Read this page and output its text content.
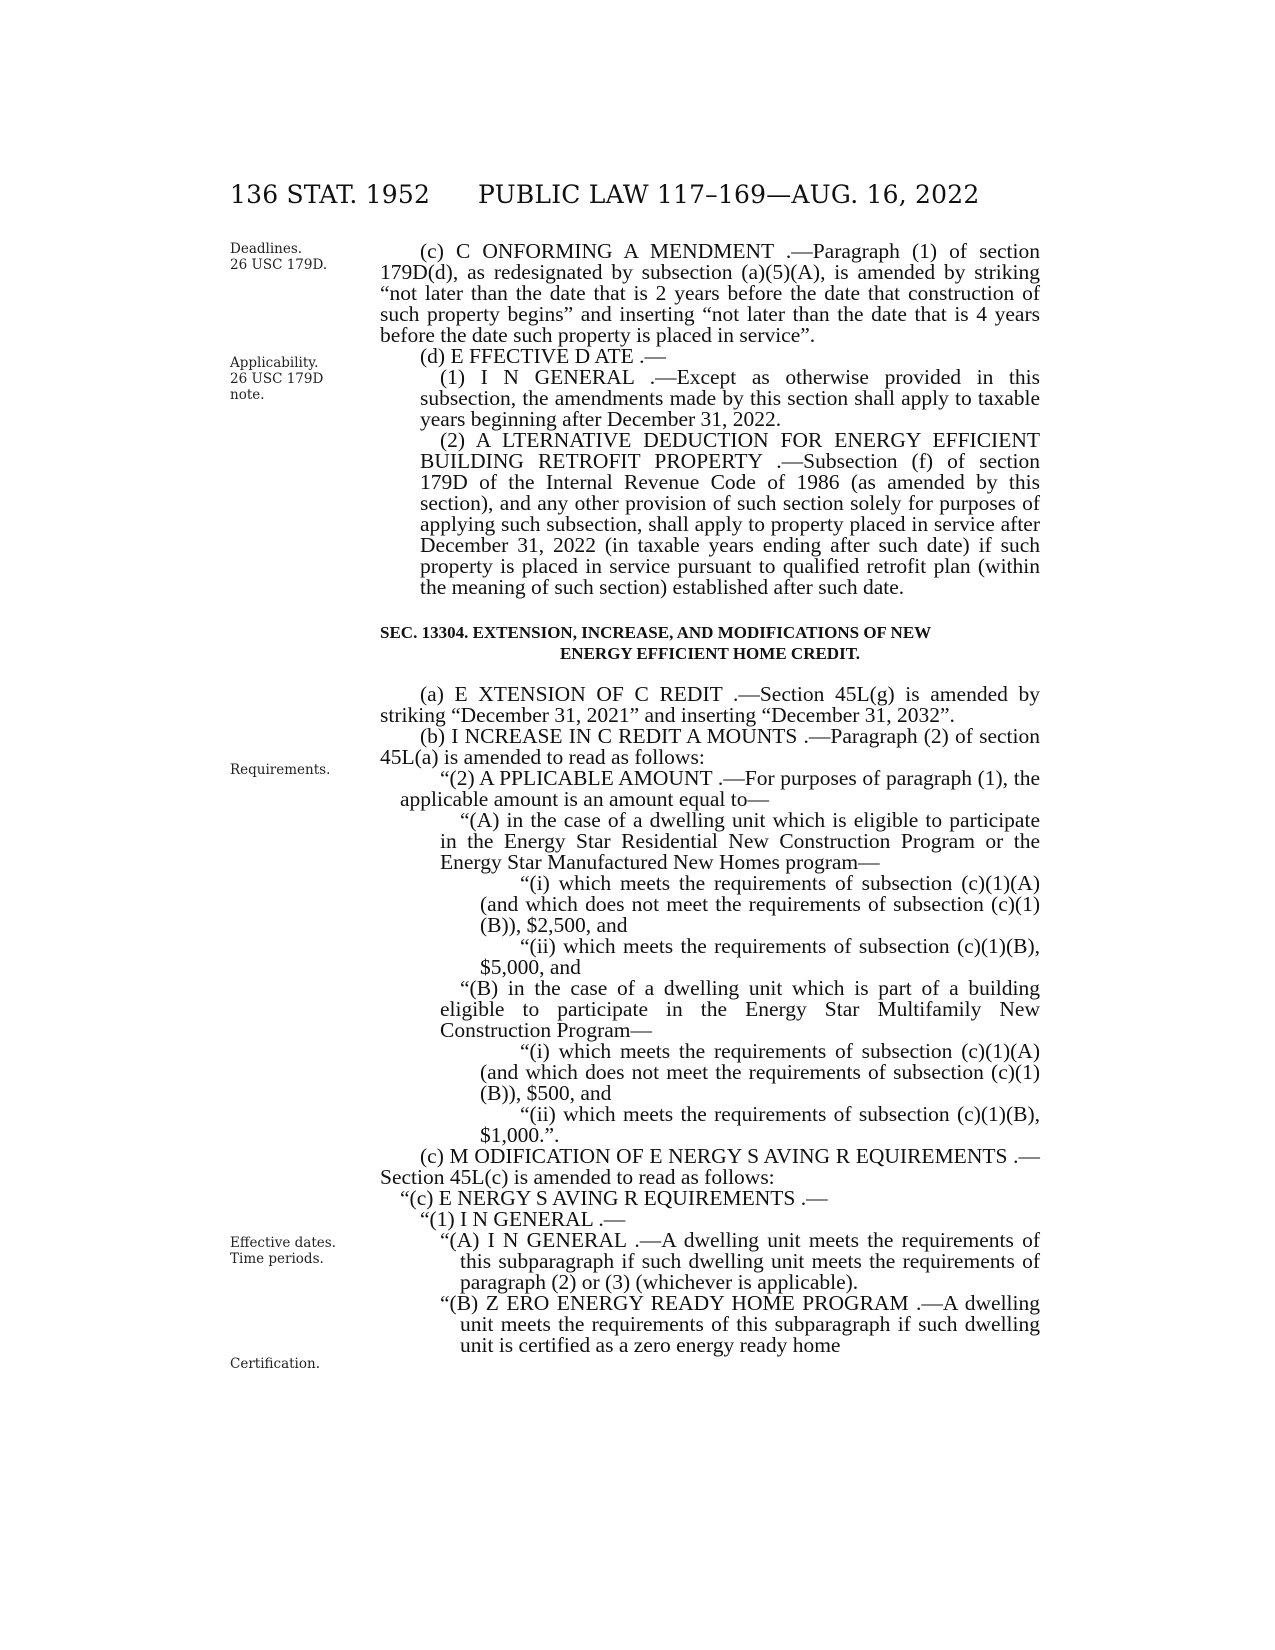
136 STAT. 1952 PUBLIC LAW 117–169—AUG. 16, 2022
Deadlines.
26 USC 179D.
Applicability.
26 USC 179D
note.
Requirements.
Effective dates.
Time periods.
Certification.

(c) C ONFORMING A MENDMENT .—Paragraph (1) of section 179D(d), as redesignated by subsection (a)(5)(A), is amended by striking “not later than the date that is 2 years before the date that construction of such property begins” and inserting “not later than the date that is 4 years before the date such property is placed in service”.

(d) E FFECTIVE D ATE .—

(1) I N GENERAL .—Except as otherwise provided in this subsection, the amendments made by this section shall apply to taxable years beginning after December 31, 2022.

(2) A LTERNATIVE DEDUCTION FOR ENERGY EFFICIENT BUILDING RETROFIT PROPERTY .—Subsection (f) of section 179D of the Internal Revenue Code of 1986 (as amended by this section), and any other provision of such section solely for purposes of applying such subsection, shall apply to property placed in service after December 31, 2022 (in taxable years ending after such date) if such property is placed in service pursuant to qualified retrofit plan (within the meaning of such section) established after such date.

SEC. 13304. EXTENSION, INCREASE, AND MODIFICATIONS OF NEW
ENERGY EFFICIENT HOME CREDIT.

(a) E XTENSION OF C REDIT .—Section 45L(g) is amended by striking “December 31, 2021” and inserting “December 31, 2032”.

(b) I NCREASE IN C REDIT A MOUNTS .—Paragraph (2) of section 45L(a) is amended to read as follows:

“(2) A PPLICABLE AMOUNT .—For purposes of paragraph (1), the applicable amount is an amount equal to—

“(A) in the case of a dwelling unit which is eligible to participate in the Energy Star Residential New Construction Program or the Energy Star Manufactured New Homes program—

“(i) which meets the requirements of subsection (c)(1)(A) (and which does not meet the requirements of subsection (c)(1)(B)), $2,500, and

“(ii) which meets the requirements of subsection (c)(1)(B), $5,000, and

“(B) in the case of a dwelling unit which is part of a building eligible to participate in the Energy Star Multifamily New Construction Program—

“(i) which meets the requirements of subsection (c)(1)(A) (and which does not meet the requirements of subsection (c)(1)(B)), $500, and

“(ii) which meets the requirements of subsection (c)(1)(B), $1,000.”.

(c) M ODIFICATION OF E NERGY S AVING R EQUIREMENTS .—Section 45L(c) is amended to read as follows:

“(c) E NERGY S AVING R EQUIREMENTS .—

“(1) I N GENERAL .—

“(A) I N GENERAL .—A dwelling unit meets the requirements of this subparagraph if such dwelling unit meets the requirements of paragraph (2) or (3) (whichever is applicable).

“(B) Z ERO ENERGY READY HOME PROGRAM .—A dwelling unit meets the requirements of this subparagraph if such dwelling unit is certified as a zero energy ready home
